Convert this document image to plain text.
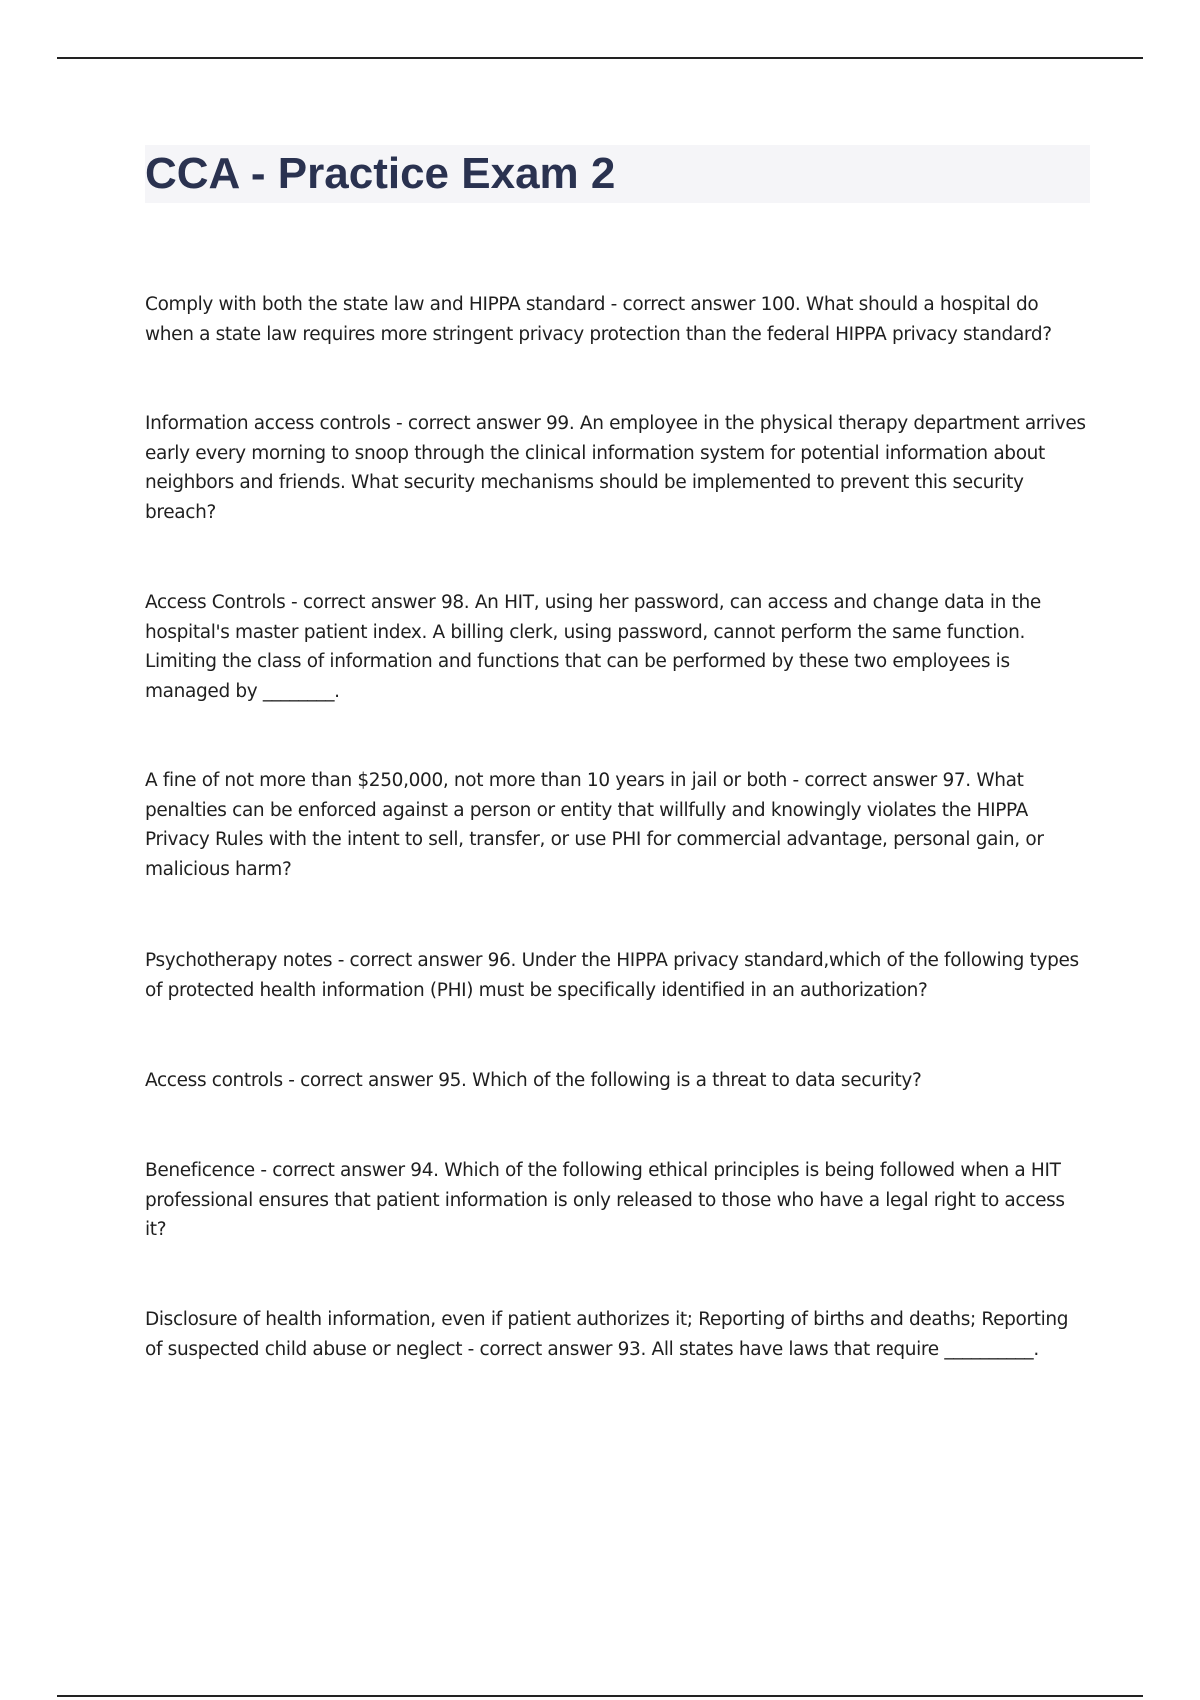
CCA - Practice Exam 2

Comply with both the state law and HIPPA standard - correct answer 100. What should a hospital do when a state law requires more stringent privacy protection than the federal HIPPA privacy standard?

Information access controls - correct answer 99. An employee in the physical therapy department arrives early every morning to snoop through the clinical information system for potential information about neighbors and friends. What security mechanisms should be implemented to prevent this security breach?

Access Controls - correct answer 98. An HIT, using her password, can access and change data in the hospital's master patient index. A billing clerk, using password, cannot perform the same function. Limiting the class of information and functions that can be performed by these two employees is managed by ________.

A fine of not more than $250,000, not more than 10 years in jail or both - correct answer 97. What penalties can be enforced against a person or entity that willfully and knowingly violates the HIPPA Privacy Rules with the intent to sell, transfer, or use PHI for commercial advantage, personal gain, or malicious harm?

Psychotherapy notes - correct answer 96. Under the HIPPA privacy standard,which of the following types of protected health information (PHI) must be specifically identified in an authorization?

Access controls - correct answer 95. Which of the following is a threat to data security?

Beneficence - correct answer 94. Which of the following ethical principles is being followed when a HIT professional ensures that patient information is only released to those who have a legal right to access it?

Disclosure of health information, even if patient authorizes it; Reporting of births and deaths; Reporting of suspected child abuse or neglect - correct answer 93. All states have laws that require __________.
